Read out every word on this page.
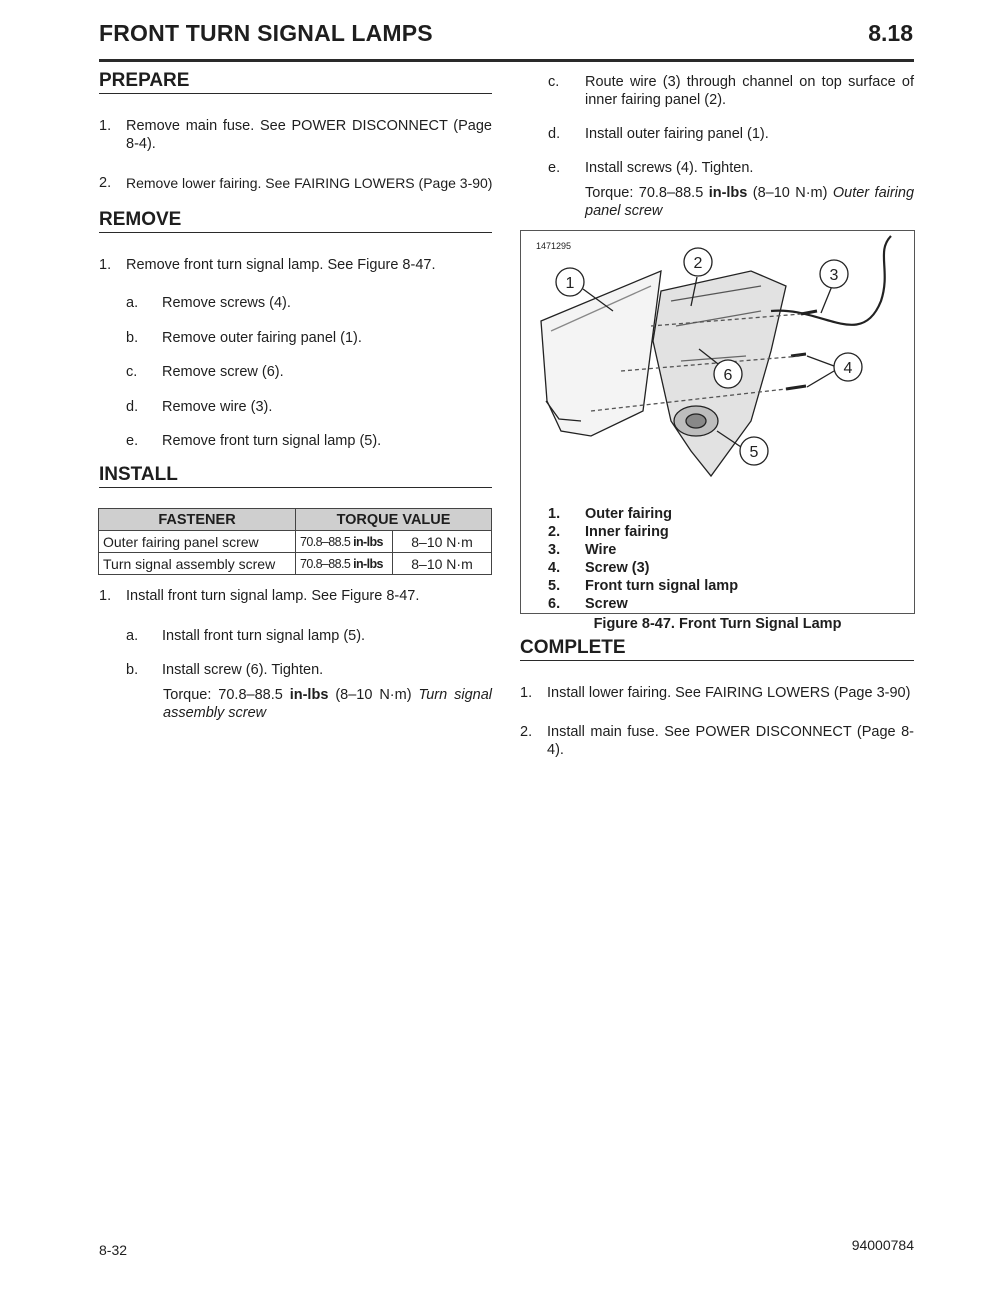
FRONT TURN SIGNAL LAMPS	8.18
PREPARE
1. Remove main fuse. See POWER DISCONNECT (Page 8-4).
2. Remove lower fairing. See FAIRING LOWERS (Page 3-90)
REMOVE
1. Remove front turn signal lamp. See Figure 8-47.
a. Remove screws (4).
b. Remove outer fairing panel (1).
c. Remove screw (6).
d. Remove wire (3).
e. Remove front turn signal lamp (5).
INSTALL
FASTENER	TORQUE VALUE	
Outer fairing panel screw	70.8–88.5 in-lbs	8–10 N·m
Turn signal assembly screw	70.8–88.5 in-lbs	8–10 N·m
1. Install front turn signal lamp. See Figure 8-47.
a. Install front turn signal lamp (5).
b. Install screw (6). Tighten.
Torque: 70.8–88.5 in-lbs (8–10 N·m) Turn signal assembly screw
c. Route wire (3) through channel on top surface of inner fairing panel (2).
d. Install outer fairing panel (1).
e. Install screws (4). Tighten.
Torque: 70.8–88.5 in-lbs (8–10 N·m) Outer fairing panel screw
1471295
1
2
3
4
5
6
1. Outer fairing
2. Inner fairing
3. Wire
4. Screw (3)
5. Front turn signal lamp
6. Screw
Figure 8-47. Front Turn Signal Lamp
COMPLETE
1. Install lower fairing. See FAIRING LOWERS (Page 3-90)
2. Install main fuse. See POWER DISCONNECT (Page 8-4).
8-32	94000784
